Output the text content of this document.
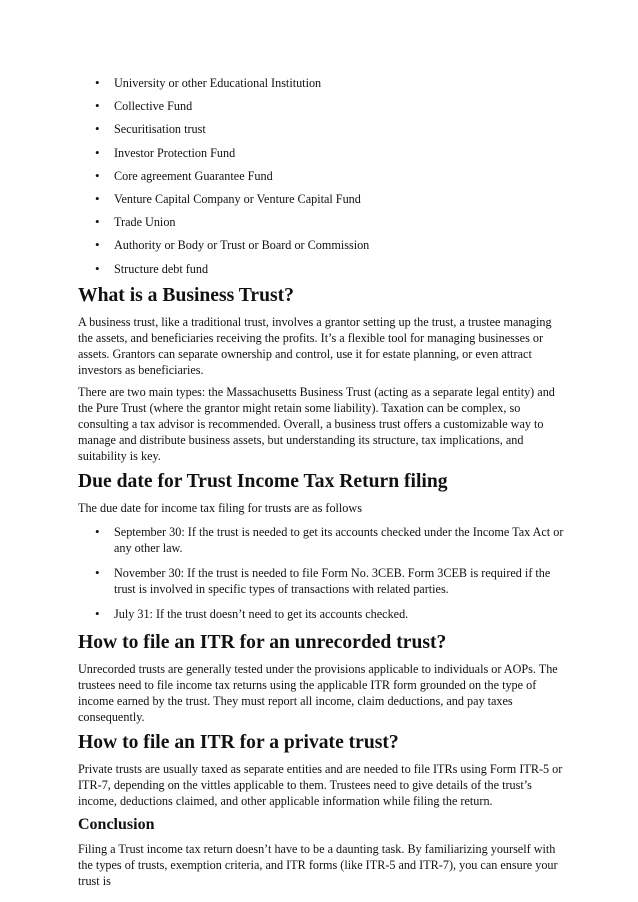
• University or other Educational Institution
• Collective Fund
• Securitisation trust
• Investor Protection Fund
• Core agreement Guarantee Fund
• Venture Capital Company or Venture Capital Fund
• Trade Union
• Authority or Body or Trust or Board or Commission
• Structure debt fund
What is a Business Trust?

A business trust, like a traditional trust, involves a grantor setting up the trust, a trustee managing the assets, and beneficiaries receiving the profits. It’s a flexible tool for managing businesses or assets. Grantors can separate ownership and control, use it for estate planning, or even attract investors as beneficiaries.

There are two main types: the Massachusetts Business Trust (acting as a separate legal entity) and the Pure Trust (where the grantor might retain some liability). Taxation can be complex, so consulting a tax advisor is recommended. Overall, a business trust offers a customizable way to manage and distribute business assets, but understanding its structure, tax implications, and suitability is key.

Due date for Trust Income Tax Return filing

The due date for income tax filing for trusts are as follows

• September 30: If the trust is needed to get its accounts checked under the Income Tax Act or any other law.
• November 30: If the trust is needed to file Form No. 3CEB. Form 3CEB is required if the trust is involved in specific types of transactions with related parties.
• July 31: If the trust doesn’t need to get its accounts checked.
How to file an ITR for an unrecorded trust?

Unrecorded trusts are generally tested under the provisions applicable to individuals or AOPs. The trustees need to file income tax returns using the applicable ITR form grounded on the type of income earned by the trust. They must report all income, claim deductions, and pay taxes consequently.

How to file an ITR for a private trust?

Private trusts are usually taxed as separate entities and are needed to file ITRs using Form ITR-5 or ITR-7, depending on the vittles applicable to them. Trustees need to give details of the trust’s income, deductions claimed, and other applicable information while filing the return.

Conclusion

Filing a Trust income tax return doesn’t have to be a daunting task. By familiarizing yourself with the types of trusts, exemption criteria, and ITR forms (like ITR-5 and ITR-7), you can ensure your trust is
